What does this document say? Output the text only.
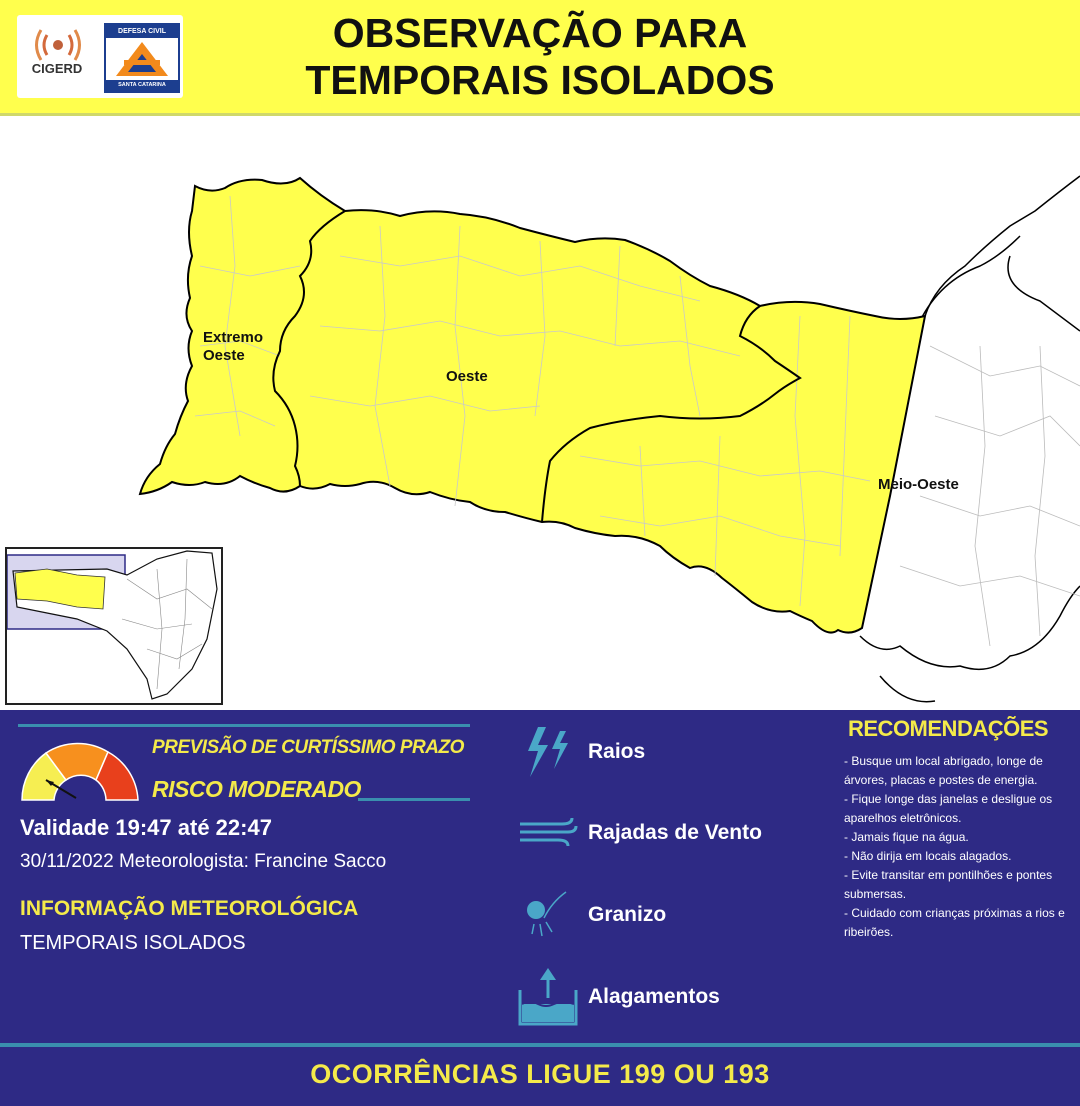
CIGERD
DEFESA CIVIL
SANTA CATARINA
OBSERVAÇÃO PARA
TEMPORAIS ISOLADOS
Extremo
Oeste
Oeste
Meio-Oeste
PREVISÃO DE CURTÍSSIMO PRAZO
RISCO MODERADO
Validade 19:47 até 22:47
30/11/2022 Meteorologista: Francine Sacco
INFORMAÇÃO METEOROLÓGICA
TEMPORAIS ISOLADOS
Raios
Rajadas de Vento
Granizo
Alagamentos
RECOMENDAÇÕES
- Busque um local abrigado, longe de árvores, placas e postes de energia.
- Fique longe das janelas e desligue os aparelhos eletrônicos.
- Jamais fique na água.
- Não dirija em locais alagados.
- Evite transitar em pontilhões e pontes submersas.
- Cuidado com crianças próximas a rios e ribeirões.
OCORRÊNCIAS LIGUE 199 OU 193
